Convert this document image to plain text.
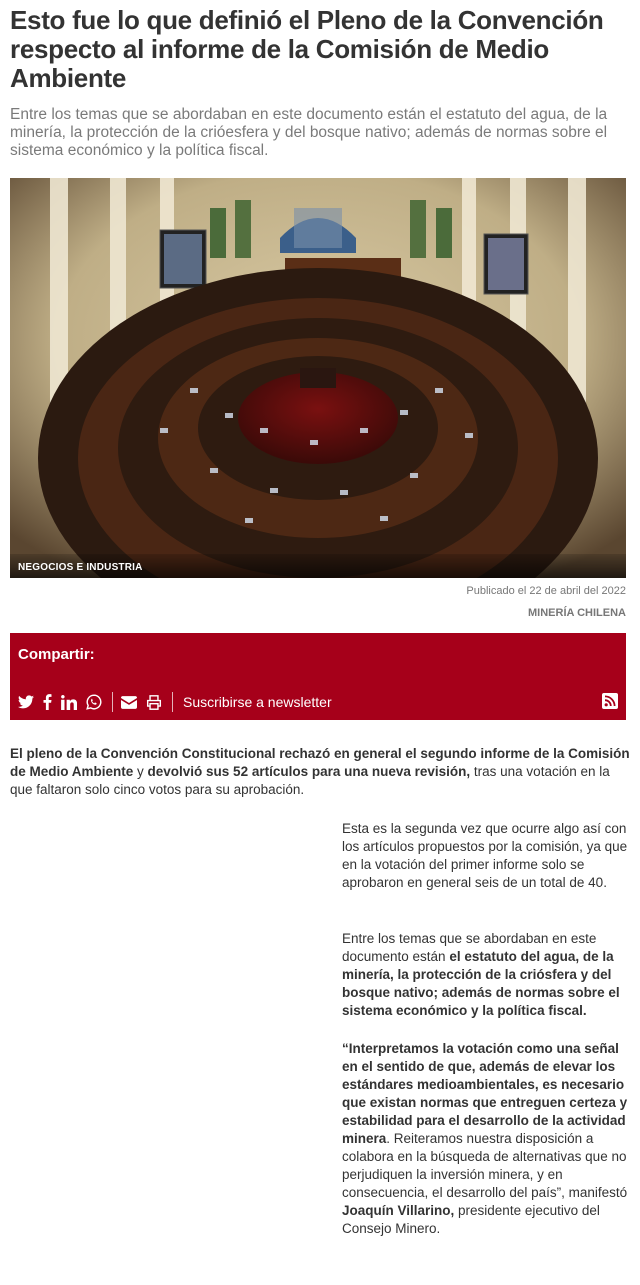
Esto fue lo que definió el Pleno de la Convención respecto al informe de la Comisión de Medio Ambiente

Entre los temas que se abordaban en este documento están el estatuto del agua, de la minería, la protección de la crióesfera y del bosque nativo; además de normas sobre el sistema económico y la política fiscal.

NEGOCIOS E INDUSTRIA
Publicado el 22 de abril del 2022
MINERÍA CHILENA
Compartir:
Suscribirse a newsletter

El pleno de la Convención Constitucional rechazó en general el segundo informe de la Comisión de Medio Ambiente y devolvió sus 52 artículos para una nueva revisión, tras una votación en la que faltaron solo cinco votos para su aprobación.

Esta es la segunda vez que ocurre algo así con los artículos propuestos por la comisión, ya que en la votación del primer informe solo se aprobaron en general seis de un total de 40.

Entre los temas que se abordaban en este documento están el estatuto del agua, de la minería, la protección de la criósfera y del bosque nativo; además de normas sobre el sistema económico y la política fiscal.

“Interpretamos la votación como una señal en el sentido de que, además de elevar los estándares medioambientales, es necesario que existan normas que entreguen certeza y estabilidad para el desarrollo de la actividad minera. Reiteramos nuestra disposición a colabora en la búsqueda de alternativas que no perjudiquen la inversión minera, y en consecuencia, el desarrollo del país”, manifestó Joaquín Villarino, presidente ejecutivo del Consejo Minero.
